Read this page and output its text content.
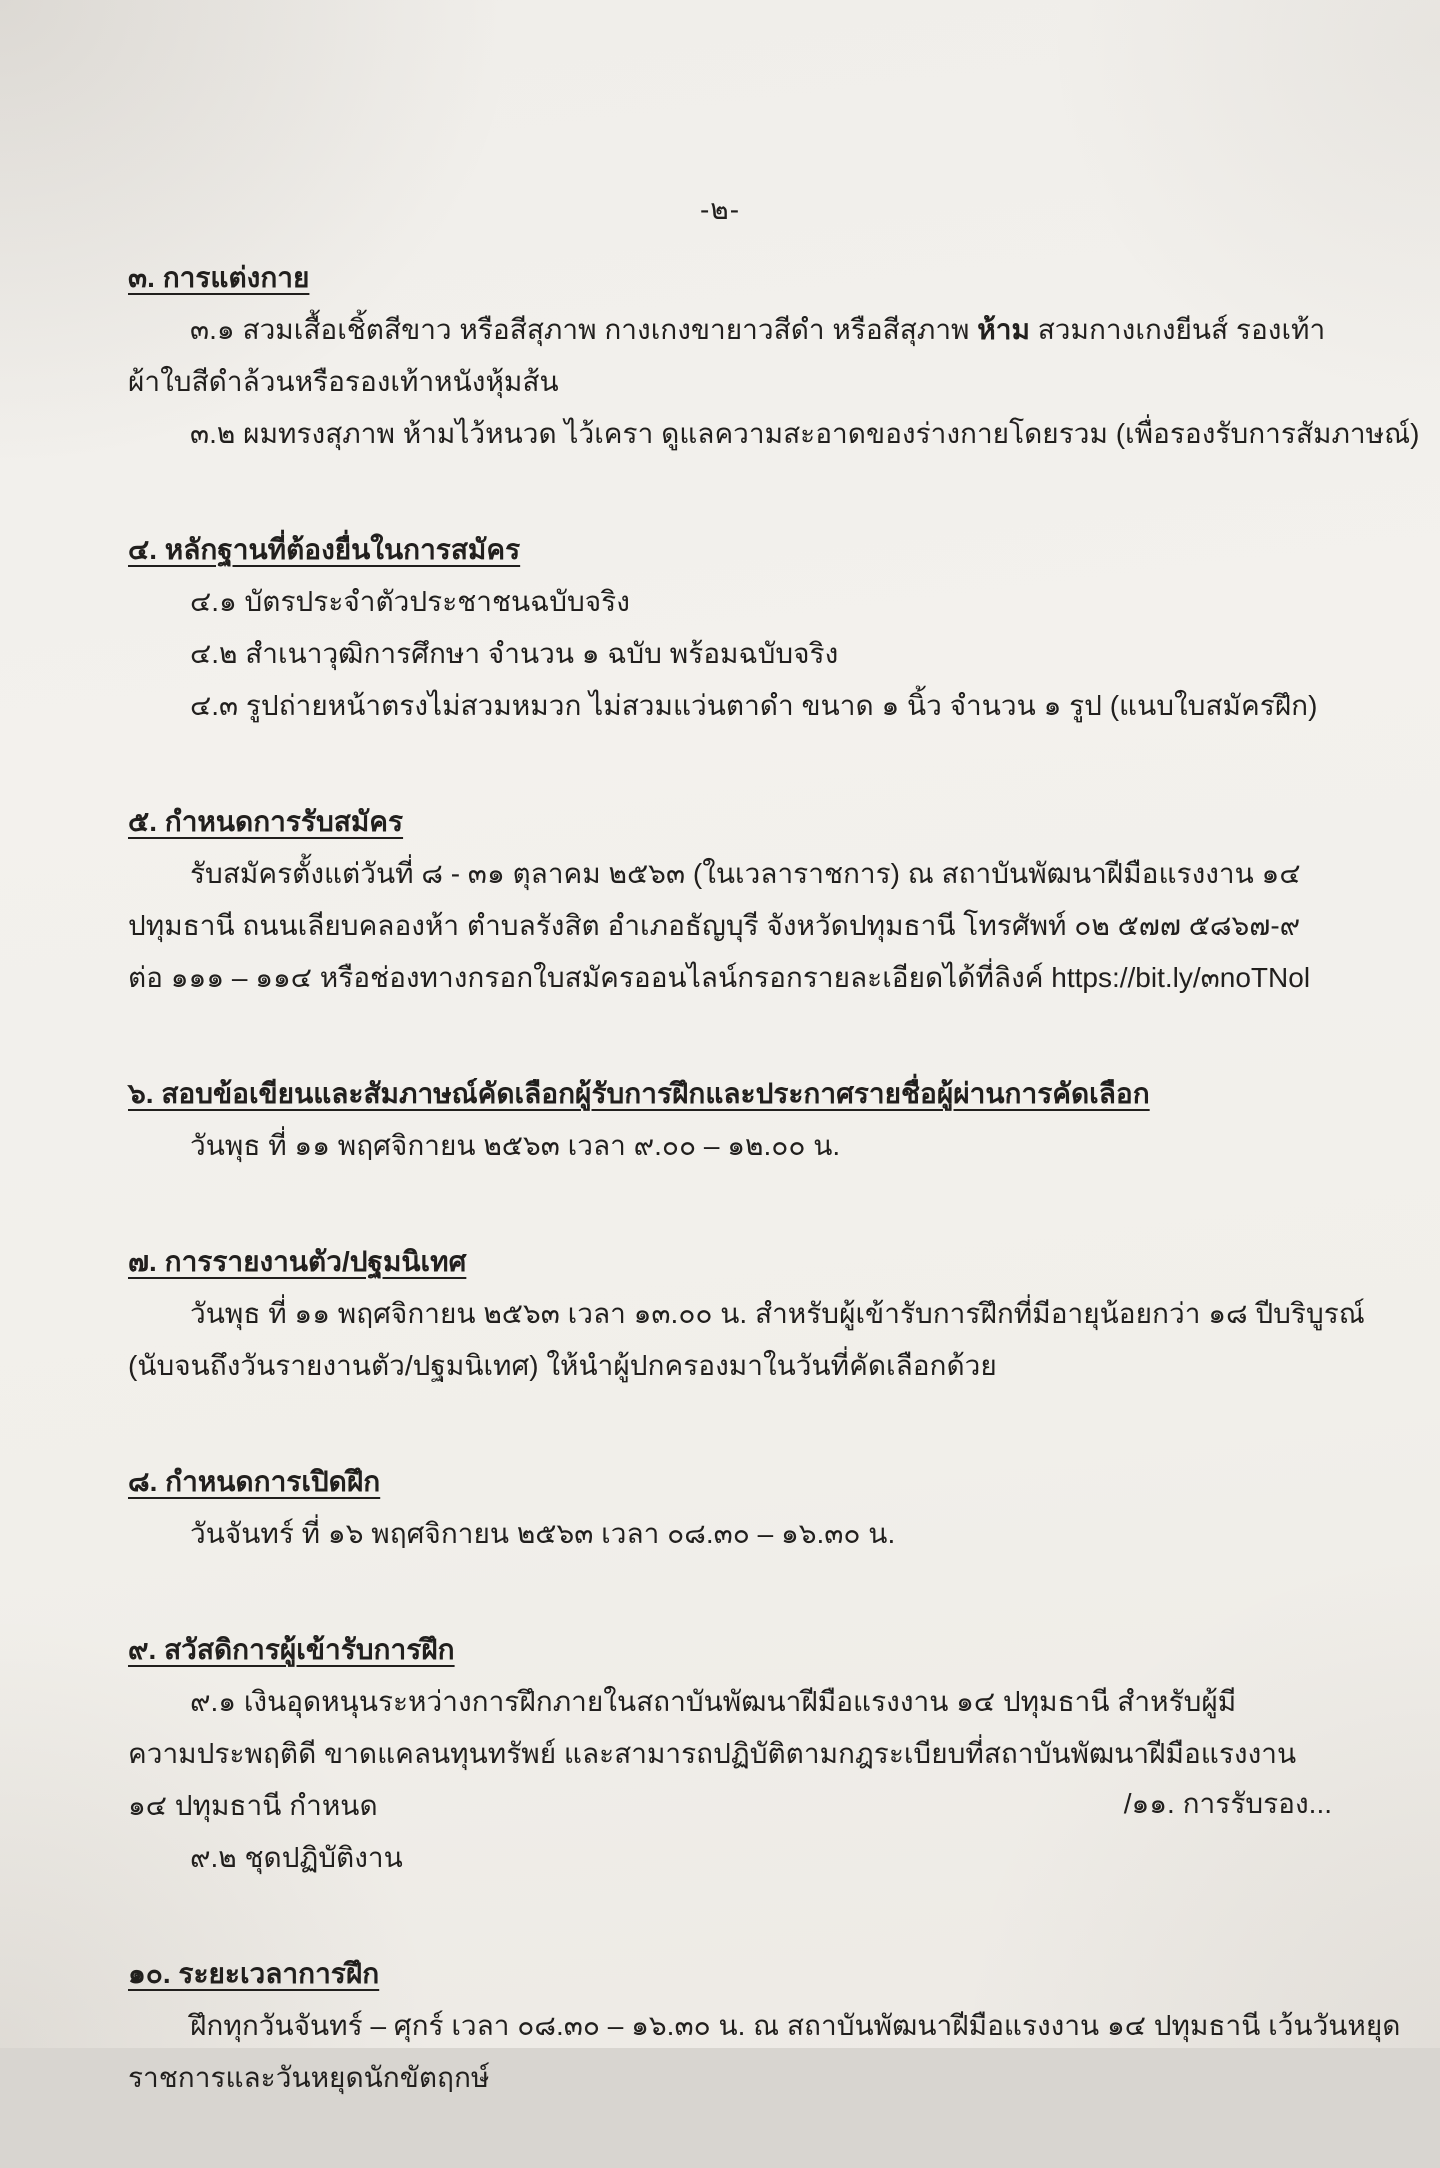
-๒-
๓. การแต่งกาย
๓.๑ สวมเสื้อเชิ้ตสีขาว หรือสีสุภาพ กางเกงขายาวสีดำ หรือสีสุภาพ ห้าม สวมกางเกงยีนส์ รองเท้า
ผ้าใบสีดำล้วนหรือรองเท้าหนังหุ้มส้น
๓.๒ ผมทรงสุภาพ ห้ามไว้หนวด ไว้เครา ดูแลความสะอาดของร่างกายโดยรวม (เพื่อรองรับการสัมภาษณ์)
๔. หลักฐานที่ต้องยื่นในการสมัคร
๔.๑ บัตรประจำตัวประชาชนฉบับจริง
๔.๒ สำเนาวุฒิการศึกษา จำนวน ๑ ฉบับ พร้อมฉบับจริง
๔.๓ รูปถ่ายหน้าตรงไม่สวมหมวก ไม่สวมแว่นตาดำ ขนาด ๑ นิ้ว จำนวน ๑ รูป (แนบใบสมัครฝึก)
๕. กำหนดการรับสมัคร
รับสมัครตั้งแต่วันที่ ๘ - ๓๑ ตุลาคม ๒๕๖๓ (ในเวลาราชการ) ณ สถาบันพัฒนาฝีมือแรงงาน ๑๔
ปทุมธานี ถนนเลียบคลองห้า ตำบลรังสิต อำเภอธัญบุรี จังหวัดปทุมธานี โทรศัพท์ ๐๒ ๕๗๗ ๕๘๖๗-๙
ต่อ ๑๑๑ – ๑๑๔ หรือช่องทางกรอกใบสมัครออนไลน์กรอกรายละเอียดได้ที่ลิงค์ https://bit.ly/๓noTNol
๖. สอบข้อเขียนและสัมภาษณ์คัดเลือกผู้รับการฝึกและประกาศรายชื่อผู้ผ่านการคัดเลือก
วันพุธ ที่ ๑๑ พฤศจิกายน ๒๕๖๓ เวลา ๙.๐๐ – ๑๒.๐๐ น.
๗. การรายงานตัว/ปฐมนิเทศ
วันพุธ ที่ ๑๑ พฤศจิกายน ๒๕๖๓ เวลา ๑๓.๐๐ น. สำหรับผู้เข้ารับการฝึกที่มีอายุน้อยกว่า ๑๘ ปีบริบูรณ์
(นับจนถึงวันรายงานตัว/ปฐมนิเทศ) ให้นำผู้ปกครองมาในวันที่คัดเลือกด้วย
๘. กำหนดการเปิดฝึก
วันจันทร์ ที่ ๑๖ พฤศจิกายน ๒๕๖๓ เวลา ๐๘.๓๐ – ๑๖.๓๐ น.
๙. สวัสดิการผู้เข้ารับการฝึก
๙.๑ เงินอุดหนุนระหว่างการฝึกภายในสถาบันพัฒนาฝีมือแรงงาน ๑๔ ปทุมธานี สำหรับผู้มี
ความประพฤติดี ขาดแคลนทุนทรัพย์ และสามารถปฏิบัติตามกฎระเบียบที่สถาบันพัฒนาฝีมือแรงงาน
๑๔ ปทุมธานี กำหนด
๙.๒ ชุดปฏิบัติงาน
๑๐. ระยะเวลาการฝึก
ฝึกทุกวันจันทร์ – ศุกร์ เวลา ๐๘.๓๐ – ๑๖.๓๐ น. ณ สถาบันพัฒนาฝีมือแรงงาน ๑๔ ปทุมธานี เว้นวันหยุด
ราชการและวันหยุดนักขัตฤกษ์
/๑๑. การรับรอง...
